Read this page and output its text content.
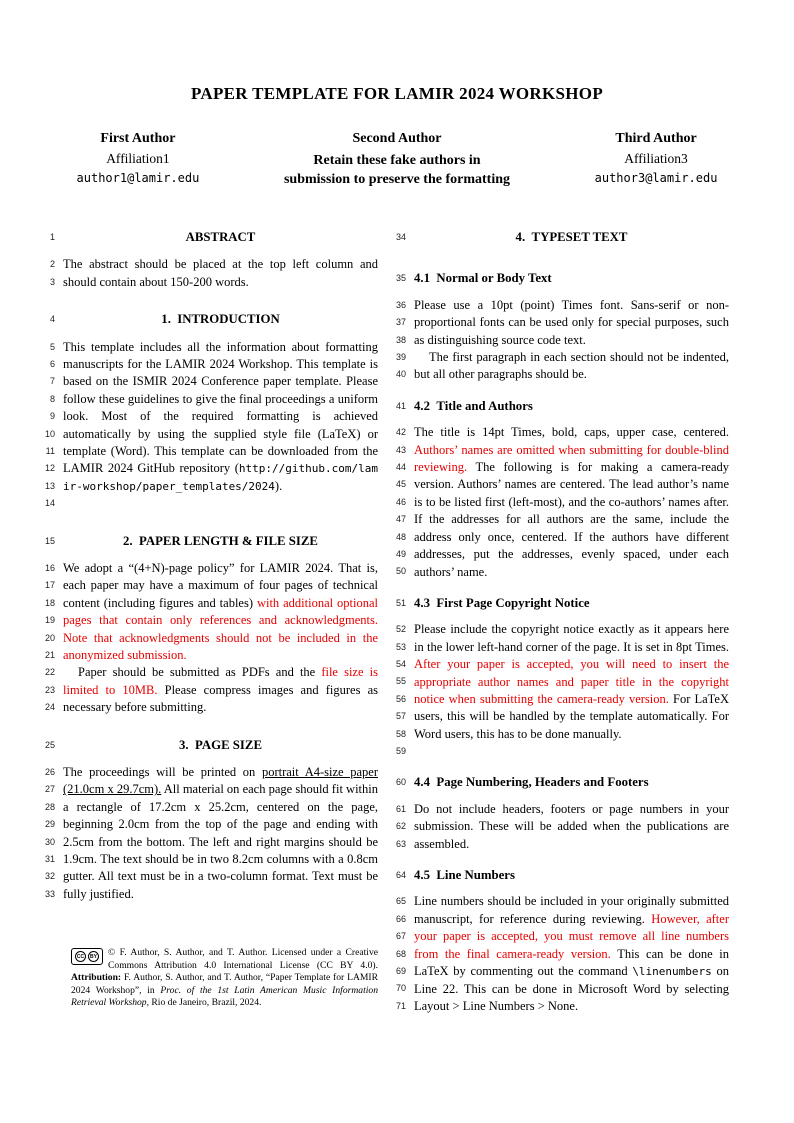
PAPER TEMPLATE FOR LAMIR 2024 WORKSHOP
First Author
Affiliation1
author1@lamir.edu
Second Author
Retain these fake authors in
submission to preserve the formatting
Third Author
Affiliation3
author3@lamir.edu
1	ABSTRACT
2
3
The abstract should be placed at the top left column and should contain about 150-200 words.
4	1.  INTRODUCTION
5
6
7
8
9
10
11
12
13
14
This template includes all the information about formatting manuscripts for the LAMIR 2024 Workshop. This template is based on the ISMIR 2024 Conference paper template. Please follow these guidelines to give the final proceedings a uniform look. Most of the required formatting is achieved automatically by using the supplied style file (LaTeX) or template (Word). This template can be downloaded from the LAMIR 2024 GitHub repository (http://github.com/lamir-workshop/paper_templates/2024).
15	2.  PAPER LENGTH & FILE SIZE
16
17
18
19
20
21
We adopt a “(4+N)-page policy” for LAMIR 2024. That is, each paper may have a maximum of four pages of technical content (including figures and tables) with additional optional pages that contain only references and acknowledgments. Note that acknowledgments should not be included in the anonymized submission.
22
23
24
Paper should be submitted as PDFs and the file size is limited to 10MB. Please compress images and figures as necessary before submitting.
25	3.  PAGE SIZE
26
27
28
29
30
31
32
33
The proceedings will be printed on portrait A4-size paper (21.0cm x 29.7cm). All material on each page should fit within a rectangle of 17.2cm x 25.2cm, centered on the page, beginning 2.0cm from the top of the page and ending with 2.5cm from the bottom. The left and right margins should be 1.9cm. The text should be in two 8.2cm columns with a 0.8cm gutter. All text must be in a two-column format. Text must be fully justified.
34	4.  TYPESET TEXT
35 4.1  Normal or Body Text
36
37
38
Please use a 10pt (point) Times font. Sans-serif or non-proportional fonts can be used only for special purposes, such as distinguishing source code text.
39
40
The first paragraph in each section should not be indented, but all other paragraphs should be.
41 4.2  Title and Authors
42
43
44
45
46
47
48
49
50
The title is 14pt Times, bold, caps, upper case, centered. Authors’ names are omitted when submitting for double-blind reviewing. The following is for making a camera-ready version. Authors’ names are centered. The lead author’s name is to be listed first (left-most), and the co-authors’ names after. If the addresses for all authors are the same, include the address only once, centered. If the authors have different addresses, put the addresses, evenly spaced, under each authors’ name.
51 4.3  First Page Copyright Notice
52
53
54
55
56
57
58
59
Please include the copyright notice exactly as it appears here in the lower left-hand corner of the page. It is set in 8pt Times. After your paper is accepted, you will need to insert the appropriate author names and paper title in the copyright notice when submitting the camera-ready version. For LaTeX users, this will be handled by the template automatically. For Word users, this has to be done manually.
60 4.4  Page Numbering, Headers and Footers
61
62
63
Do not include headers, footers or page numbers in your submission. These will be added when the publications are assembled.
64 4.5  Line Numbers
65
66
67
68
69
70
71
Line numbers should be included in your originally submitted manuscript, for reference during reviewing. However, after your paper is accepted, you must remove all line numbers from the final camera-ready version. This can be done in LaTeX by commenting out the command \linenumbers on Line 22. This can be done in Microsoft Word by selecting Layout > Line Numbers > None.
CC	BY © F. Author, S. Author, and T. Author. Licensed under a Creative Commons Attribution 4.0 International License (CC BY 4.0). Attribution: F. Author, S. Author, and T. Author, “Paper Template for LAMIR 2024 Workshop”, in Proc. of the 1st Latin American Music Information Retrieval Workshop, Rio de Janeiro, Brazil, 2024.
